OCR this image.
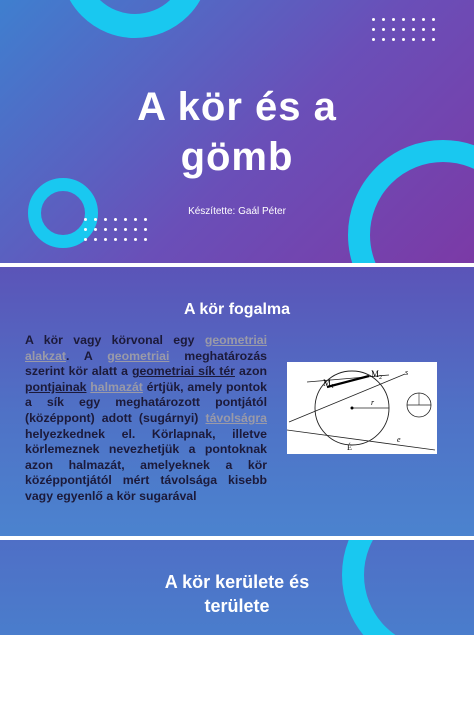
A kör és a
gömb
Készítette: Gaál Péter
A kör fogalma
A kör vagy körvonal egy geometriai alakzat. A geometriai meghatározás szerint kör alatt a geometriai sík tér azon pontjainak halmazát értjük, amely pontok a sík egy meghatározott pontjától (középpont) adott (sugárnyi) távolságra helyezkednek el. Körlapnak, illetve körlemeznek nevezhetjük a pontoknak azon halmazát, amelyeknek a kör középpontjától mért távolsága kisebb vagy egyenlő a kör sugarával
$M_1$
$M_2$
s
r
É
e
A kör kerülete és
területe
